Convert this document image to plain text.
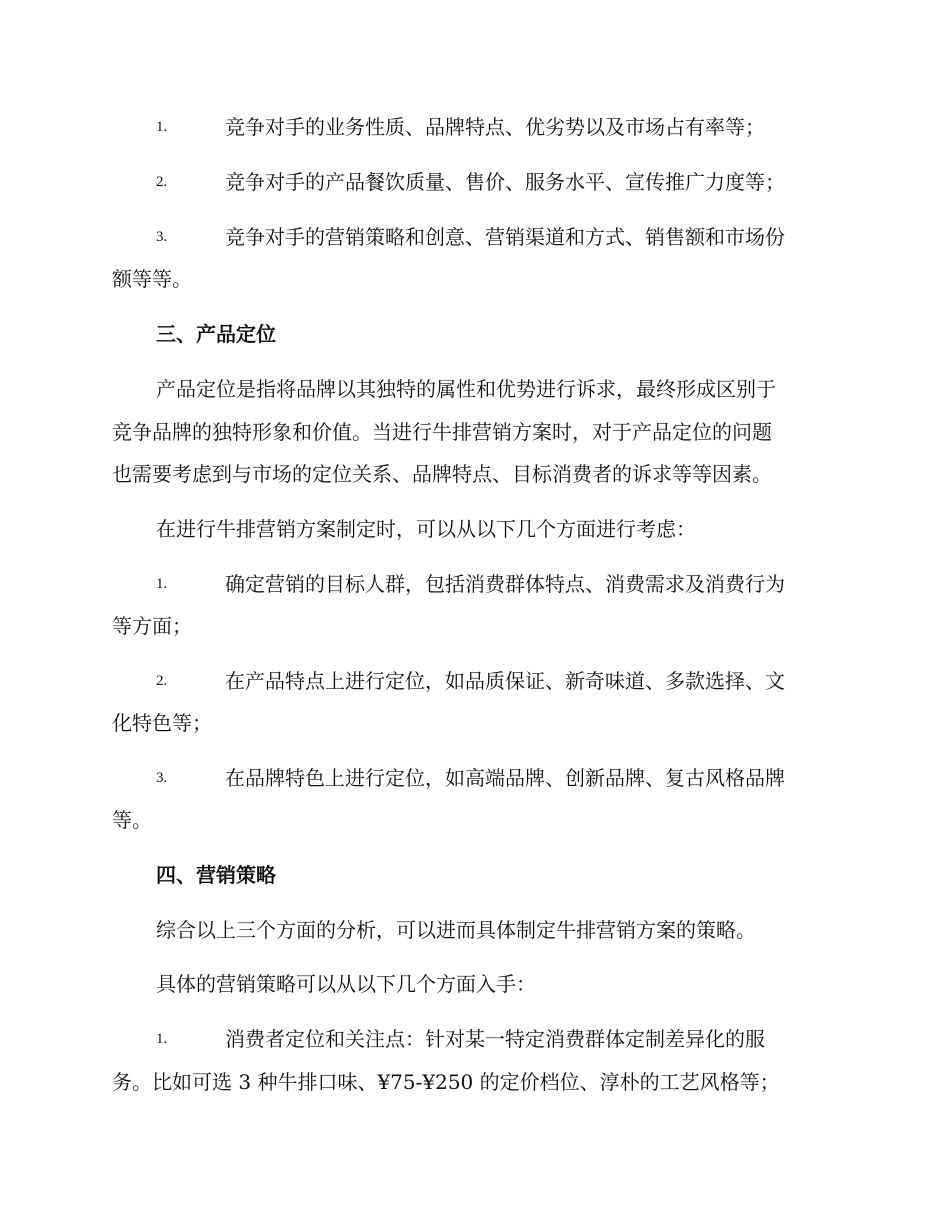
1.	竞争对手的业务性质、品牌特点、优劣势以及市场占有率等；
2.	竞争对手的产品餐饮质量、售价、服务水平、宣传推广力度等；
3.	竞争对手的营销策略和创意、营销渠道和方式、销售额和市场份
额等等。
三、产品定位
产品定位是指将品牌以其独特的属性和优势进行诉求，最终形成区别于
竞争品牌的独特形象和价值。当进行牛排营销方案时，对于产品定位的问题
也需要考虑到与市场的定位关系、品牌特点、目标消费者的诉求等等因素。
在进行牛排营销方案制定时，可以从以下几个方面进行考虑：
1.	确定营销的目标人群，包括消费群体特点、消费需求及消费行为
等方面；
2.	在产品特点上进行定位，如品质保证、新奇味道、多款选择、文
化特色等；
3.	在品牌特色上进行定位，如高端品牌、创新品牌、复古风格品牌
等。
四、营销策略
综合以上三个方面的分析，可以进而具体制定牛排营销方案的策略。
具体的营销策略可以从以下几个方面入手：
1.	消费者定位和关注点：针对某一特定消费群体定制差异化的服
务。比如可选 3 种牛排口味、¥75-¥250 的定价档位、淳朴的工艺风格等；
